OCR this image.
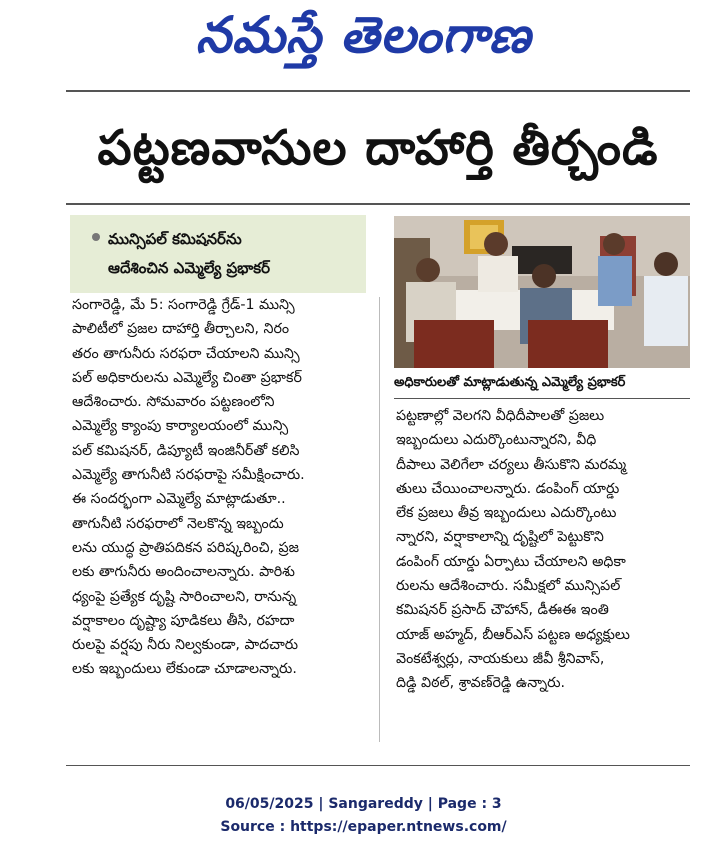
నమస్తే తెలంగాణ
పట్టణవాసుల దాహార్తి తీర్చండి
మున్సిపల్ కమిషనర్‌ను
ఆదేశించిన ఎమ్మెల్యే ప్రభాకర్
అధికారులతో మాట్లాడుతున్న ఎమ్మెల్యే ప్రభాకర్
సంగారెడ్డి, మే 5: సంగారెడ్డి గ్రేడ్-1 మున్సి
పాలిటీలో ప్రజల దాహార్తి తీర్చాలని, నిరం
తరం తాగునీరు సరఫరా చేయాలని మున్సి
పల్ అధికారులను ఎమ్మెల్యే చింతా ప్రభాకర్
ఆదేశించారు. సోమవారం పట్టణంలోని
ఎమ్మెల్యే క్యాంపు కార్యాలయంలో మున్సి
పల్ కమిషనర్, డిప్యూటీ ఇంజినీర్‌తో కలిసి
ఎమ్మెల్యే తాగునీటి సరఫరాపై సమీక్షించారు.
ఈ సందర్భంగా ఎమ్మెల్యే మాట్లాడుతూ..
తాగునీటి సరఫరాలో నెలకొన్న ఇబ్బందు
లను యుద్ధ ప్రాతిపదికన పరిష్కరించి, ప్రజ
లకు తాగునీరు అందించాలన్నారు. పారిశు
ధ్యంపై ప్రత్యేక దృష్టి సారించాలని, రానున్న
వర్షాకాలం దృష్ట్యా పూడికలు తీసి, రహదా
రులపై వర్షపు నీరు నిల్వకుండా, పాదచారు
లకు ఇబ్బందులు లేకుండా చూడాలన్నారు.
పట్టణాల్లో వెలగని వీధిదీపాలతో ప్రజలు
ఇబ్బందులు ఎదుర్కొంటున్నారని, వీధి
దీపాలు వెలిగేలా చర్యలు తీసుకొని మరమ్మ
తులు చేయించాలన్నారు. డంపింగ్ యార్డు
లేక ప్రజలు తీవ్ర ఇబ్బందులు ఎదుర్కొంటు
న్నారని, వర్షాకాలాన్ని దృష్టిలో పెట్టుకొని
డంపింగ్ యార్డు ఏర్పాటు చేయాలని అధికా
రులను ఆదేశించారు. సమీక్షలో మున్సిపల్
కమిషనర్ ప్రసాద్ చౌహాన్, డీఈఈ ఇంతి
యాజ్ అహ్మద్, బీఆర్‌ఎస్ పట్టణ అధ్యక్షులు
వెంకటేశ్వర్లు, నాయకులు జీవీ శ్రీనివాస్,
దిడ్డి విఠల్, శ్రావణ్‌రెడ్డి ఉన్నారు.
06/05/2025 | Sangareddy | Page : 3
Source : https://epaper.ntnews.com/
